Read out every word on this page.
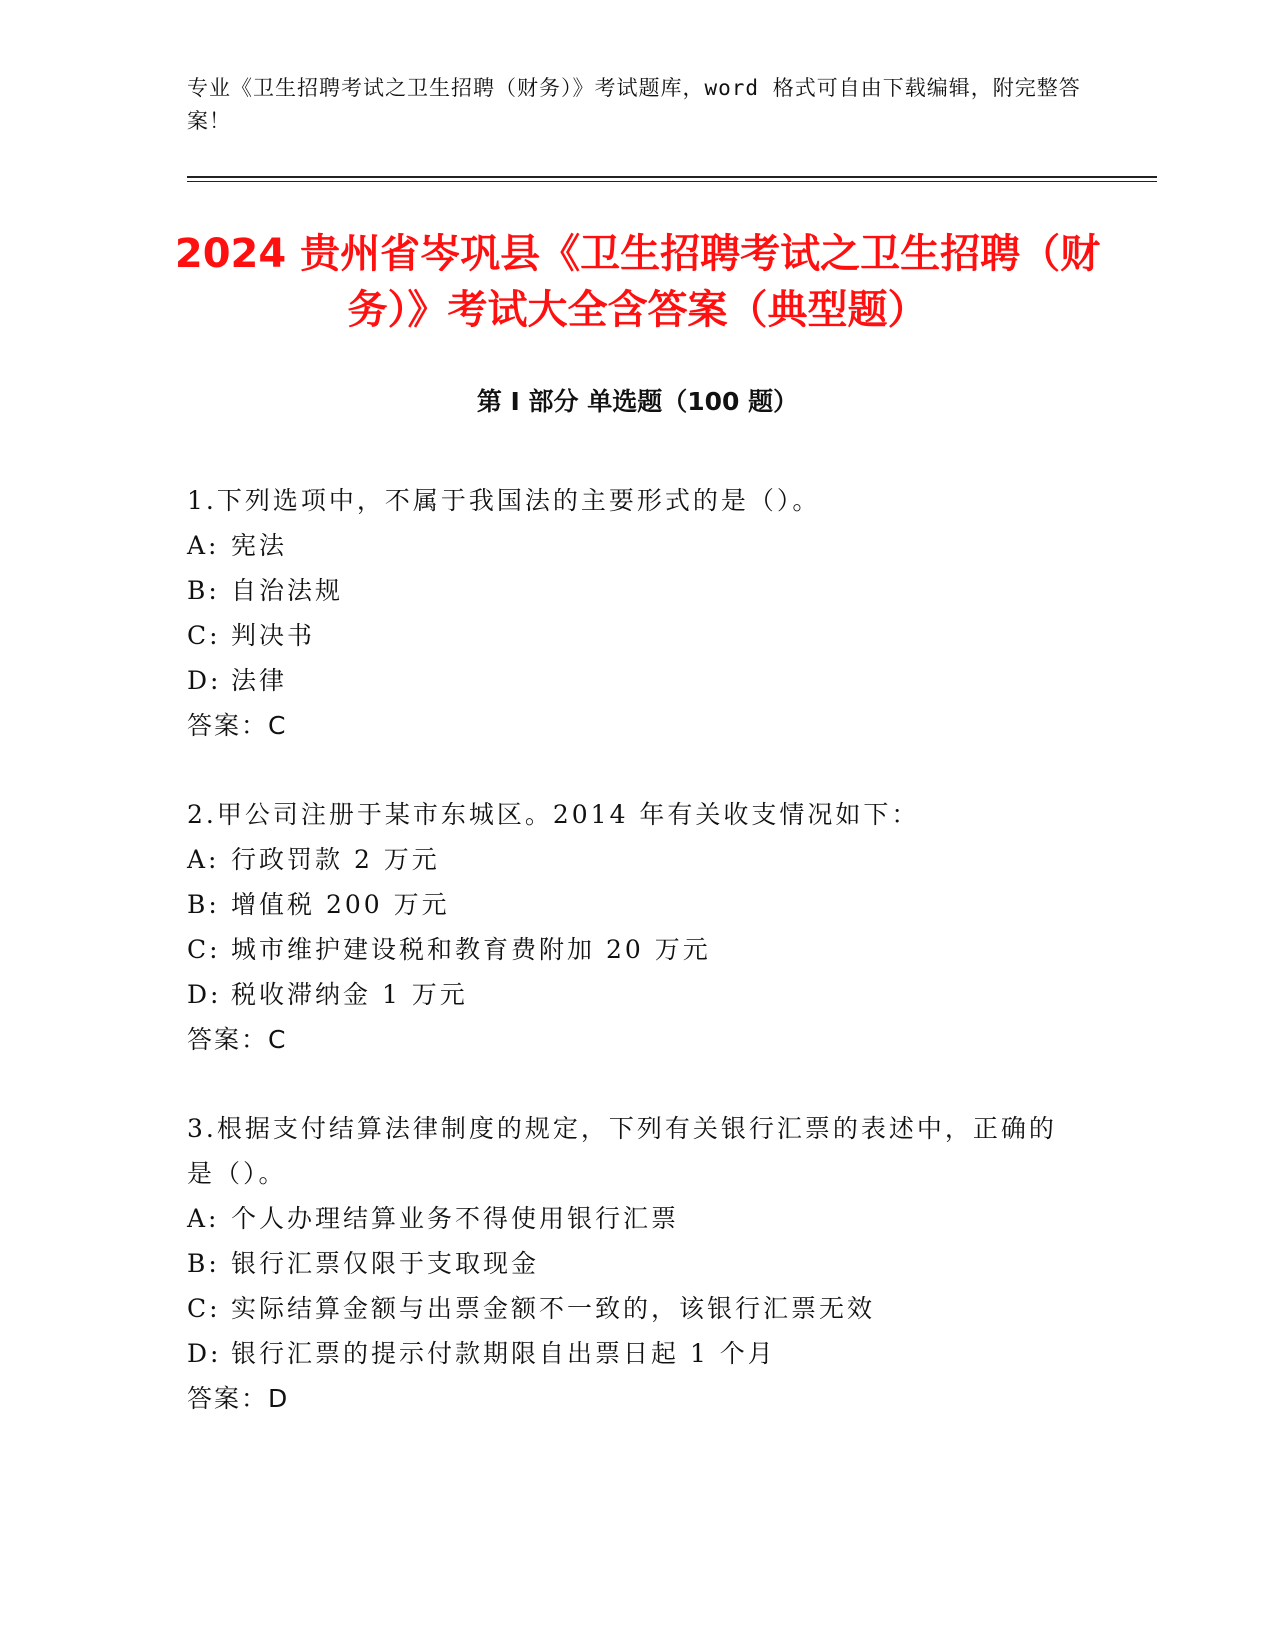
专业《卫生招聘考试之卫生招聘（财务）》考试题库，word 格式可自由下载编辑，附完整答案！
2024 贵州省岑巩县《卫生招聘考试之卫生招聘（财务）》考试大全含答案（典型题）
第 I 部分 单选题（100 题）
1.下列选项中，不属于我国法的主要形式的是（）。
A: 宪法
B: 自治法规
C: 判决书
D: 法律
答案：C
2.甲公司注册于某市东城区。2014 年有关收支情况如下：
A: 行政罚款 2 万元
B: 增值税 200 万元
C: 城市维护建设税和教育费附加 20 万元
D: 税收滞纳金 1 万元
答案：C
3.根据支付结算法律制度的规定，下列有关银行汇票的表述中，正确的是（）。
A: 个人办理结算业务不得使用银行汇票
B: 银行汇票仅限于支取现金
C: 实际结算金额与出票金额不一致的，该银行汇票无效
D: 银行汇票的提示付款期限自出票日起 1 个月
答案：D
